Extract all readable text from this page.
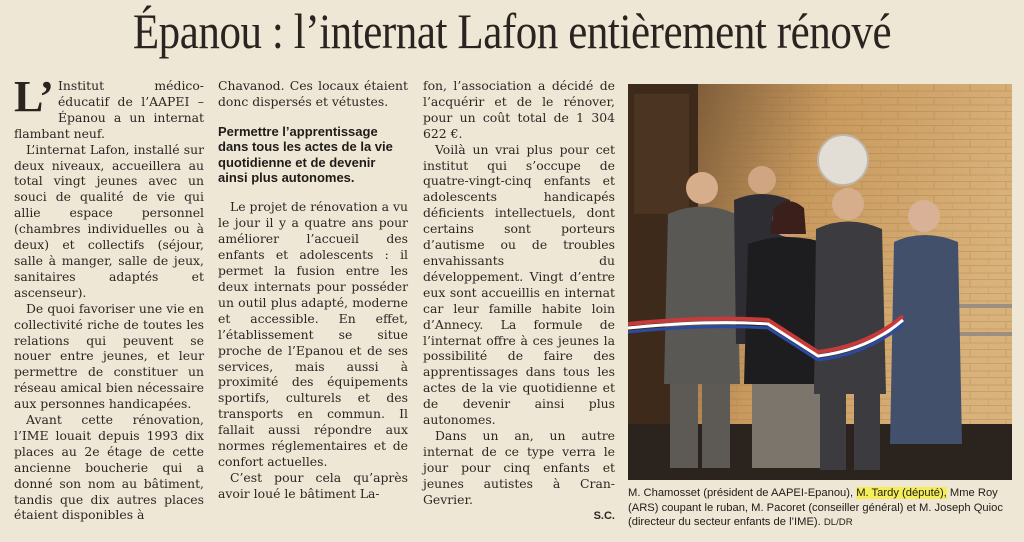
Épanou : l’internat Lafon entièrement rénové

L’ Institut médico-éducatif de l’AAPEI – Épanou a un internat flambant neuf.

L’internat Lafon, installé sur deux niveaux, accueillera au total vingt jeunes avec un souci de qualité de vie qui allie espace personnel (chambres individuelles ou à deux) et collectifs (séjour, salle à manger, salle de jeux, sanitaires adaptés et ascenseur).

De quoi favoriser une vie en collectivité riche de toutes les relations qui peuvent se nouer entre jeunes, et leur permettre de constituer un réseau amical bien nécessaire aux personnes handicapées.

Avant cette rénovation, l’IME louait depuis 1993 dix places au 2e étage de cette ancienne boucherie qui a donné son nom au bâtiment, tandis que dix autres places étaient disponibles à

Chavanod. Ces locaux étaient donc dispersés et vétustes.

Permettre l’apprentissage dans tous les actes de la vie quotidienne et de devenir ainsi plus autonomes.

Le projet de rénovation a vu le jour il y a quatre ans pour améliorer l’accueil des enfants et adolescents : il permet la fusion entre les deux internats pour posséder un outil plus adapté, moderne et accessible. En effet, l’établissement se situe proche de l’Epanou et de ses services, mais aussi à proximité des équipements sportifs, culturels et des transports en commun. Il fallait aussi répondre aux normes réglementaires et de confort actuelles.

C’est pour cela qu’après avoir loué le bâtiment La-

fon, l’association a décidé de l’acquérir et de le rénover, pour un coût total de 1 304 622 €.

Voilà un vrai plus pour cet institut qui s’occupe de quatre-vingt-cinq enfants et adolescents handicapés déficients intellectuels, dont certains sont porteurs d’autisme ou de troubles envahissants du développement. Vingt d’entre eux sont accueillis en internat car leur famille habite loin d’Annecy. La formule de l’internat offre à ces jeunes la possibilité de faire des apprentissages dans tous les actes de la vie quotidienne et de devenir ainsi plus autonomes.

Dans un an, un autre internat de ce type verra le jour pour cinq enfants et jeunes autistes à Cran-Gevrier.

S.C.
M. Chamosset (président de AAPEI-Epanou), M. Tardy (député), Mme Roy (ARS) coupant le ruban, M. Pacoret (conseiller général) et M. Joseph Quioc (directeur du secteur enfants de l’IME). DL/DR
